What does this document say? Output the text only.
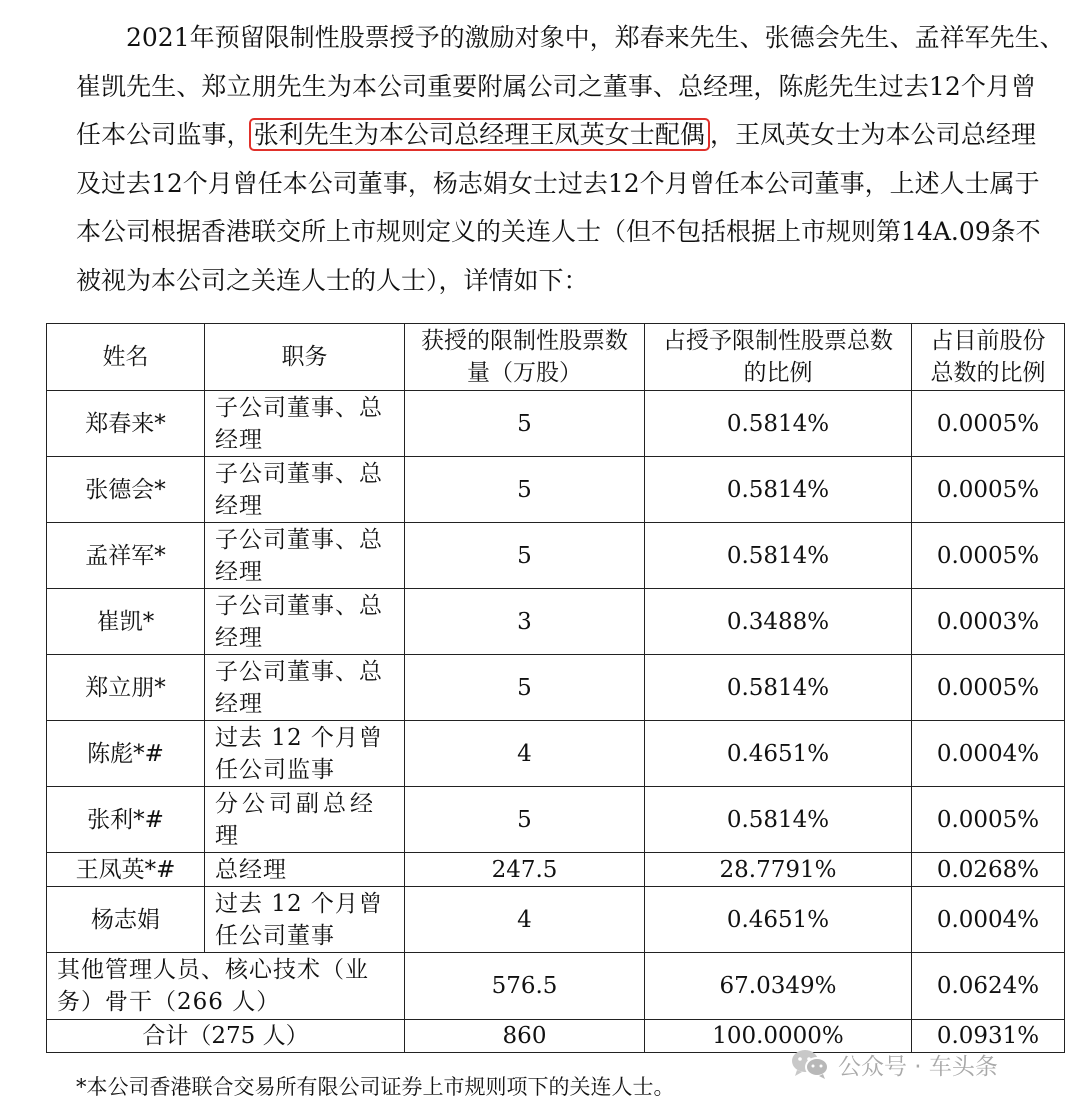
2021年预留限制性股票授予的激励对象中，郑春来先生、张德会先生、孟祥军先生、
崔凯先生、郑立朋先生为本公司重要附属公司之董事、总经理，陈彪先生过去12个月曾
任本公司监事，张利先生为本公司总经理王凤英女士配偶 ，王凤英女士为本公司总经理
及过去12个月曾任本公司董事，杨志娟女士过去12个月曾任本公司董事，上述人士属于
本公司根据香港联交所上市规则定义的关连人士（但不包括根据上市规则第14A.09条不
被视为本公司之关连人士的人士），详情如下：
姓名	职务	获授的限制性股票数量（万股）	占授予限制性股票总数的比例	占目前股份总数的比例
郑春来*	子公司董事、总经理	5	0.5814%	0.0005%
张德会*	子公司董事、总经理	5	0.5814%	0.0005%
孟祥军*	子公司董事、总经理	5	0.5814%	0.0005%
崔凯*	子公司董事、总经理	3	0.3488%	0.0003%
郑立朋*	子公司董事、总经理	5	0.5814%	0.0005%
陈彪*#	过去 12 个月曾任公司监事	4	0.4651%	0.0004%
张利*#	分公司副总经理	5	0.5814%	0.0005%
王凤英*#	总经理	247.5	28.7791%	0.0268%
杨志娟	过去 12 个月曾任公司董事	4	0.4651%	0.0004%
其他管理人员、核心技术（业务）骨干（266 人）		576.5	67.0349%	0.0624%
合计（275 人）		860	100.0000%	0.0931%

*本公司香港联合交易所有限公司证券上市规则项下的关连人士。

公众号 · 车头条
